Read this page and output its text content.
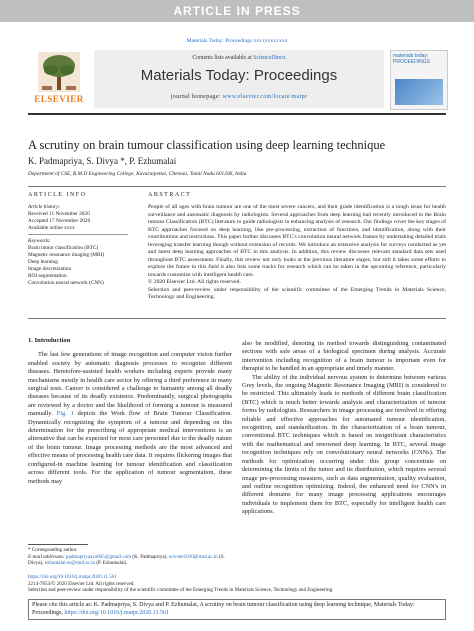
ARTICLE IN PRESS
Materials Today: Proceedings xxx (xxxx) xxx
ELSEVIER
Contents lists available at ScienceDirect
Materials Today: Proceedings
journal homepage: www.elsevier.com/locate/matpr
materials today: PROCEEDINGS
A scrutiny on brain tumour classification using deep learning technique
K. Padmapriya, S. Divya *, P. Ezhumalai
Department of CSE, R.M.D Engineering College, Kavaraipettai, Chennai, Tamil Nadu 601206, India
ARTICLE INFO	ABSTRACT
Article history:
Received 11 November 2020
Accepted 17 November 2020
Available online xxxx
Keywords:
Brain tumor classification (BTC)
Magnetic resonance imaging (MRI)
Deep learning
Image discretization
ROI segmentation
Convolution neural network (CNN)
People of all ages with brain tumour are one of the most severe cancers, and their grade identification is a tough issue for health surveillance and automatic diagnosis by radiologists. Several approaches from deep learning had recently introduced in the Brain tumour Classification (BTC) literature to guide radiologists in enhancing analysis of research. Our findings cover the key stages of BTC approaches focused on deep learning, like pre-processing, extraction of functions, and identification, along with their contributions and restrictions. This paper further discusses BTC's convolution neural network frames by undertaking detailed trials leveraging transfer learning though without extension of records. We introduce an extensive analysis for surveys conducted as yet and latest deep learning approaches of BTC in this analysis. In addition, this review discusses relevant standard data sets used throughout BTC assessment. Finally, this review not only looks at the previous literature stages, but still it takes some efforts to explore the future in this field it also lists some tracks for research which can be taken in the upcoming reference, particularly towards customize with intelligent health care.
© 2020 Elsevier Ltd. All rights reserved.
Selection and peer-review under responsibility of the scientific committee of the Emerging Trends in Materials Science, Technology and Engineering.
1. Introduction

The last few generations of image recognition and computer vision further enabled society by automatic diagnosis processes to recognize different diseases. Heretofore-assisted health workers including experts provide many mechanisms mostly in health care sector by offering a third preference in many surgical tests. Cancer is considered a challenge to humanity among all deadly diseases because of its deadly existence. Predominantly, surgical photographs are reviewed by a doctor and the likelihood of forming a tumour is measured manually. Fig. 1 depicts the Work flow of Brain Tumour Classification. Dynamically recognizing the symptom of a tumour and depending on this determination for the prescribing of appropriate medical interventions is an alternative that can be expected for most care personnel due to the deadly nature of the brain tumour. Image processing methods are the most advanced and effective means of processing health care data. It requires flickering images that configured-in machine learning for tumour identification and classification across different tools. For the application of tumour segmentation, these methods may

also be modified, denoting its method towards distinguishing contaminated sections with safe areas of a biological specimen during analysis. Accurate intervention including recognition of a brain tumour is important even for therapist to be handled in an appropriate and timely manner.

The ability of the individual nervous system to determine between various Grey levels, the ongoing Magnetic Resonance Imaging (MRI) is considered to be restricted. This ultimately leads to methods of different brain classification (BTC) which is much better towards analysis and characterization of tumour forms by radiologists. Researchers in image processing are involved in offering reliable and effective approaches for automated tumour identification, recognition, and standardization. In the characterization of a brain tumour, conventional BTC techniques which is based on insignificant characteristics with the mathematical and renowned deep learning. In BTC, several image recognition techniques rely on convolutionary neural networks (CNNs). The methods for optimization occurring under this group concentrate on determining the limits of the tumor and its distribution, which requires several image pre-processing measures, such as data augmentation, quality evaluation, and outline recognition optimizing. Indeed, the enhanced need for CNN's in different domains for many image processing applications encourages individuals to implement them for BTC, especially for intelligent health care applications.

* Corresponding author.
E-mail addresses: padmapriyaaya005@gmail.com (K. Padmapriya), ucs-me1010@rmd.ac.in (S. Divya), ezhumalai.es@rmd.ac.in (P. Ezhumalai).
https://doi.org/10.1016/j.matpr.2020.11.561
2214-7853/© 2020 Elsevier Ltd. All rights reserved.
Selection and peer-review under responsibility of the scientific committee of the Emerging Trends in Materials Science, Technology and Engineering.
Please cite this article as: K. Padmapriya, S. Divya and P. Ezhumalai, A scrutiny on brain tumour classification using deep learning technique, Materials Today: Proceedings, https://doi.org/10.1016/j.matpr.2020.11.561
